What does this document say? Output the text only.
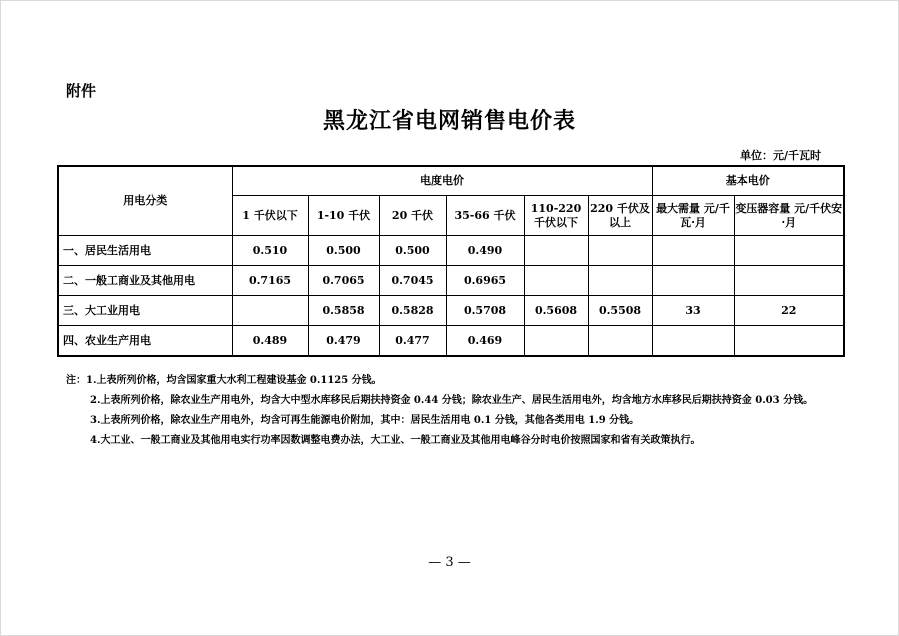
附件
黑龙江省电网销售电价表
单位：元/千瓦时
用电分类	电度电价						基本电价	
	1 千伏以下	1-10 千伏	20 千伏	35-66 千伏	110-220 千伏以下	220 千伏及以上	最大需量 元/千瓦·月	变压器容量 元/千伏安·月
一、居民生活用电	0.510	0.500	0.500	0.490				
二、一般工商业及其他用电	0.7165	0.7065	0.7045	0.6965				
三、大工业用电		0.5858	0.5828	0.5708	0.5608	0.5508	33	22
四、农业生产用电	0.489	0.479	0.477	0.469				

注：1.上表所列价格，均含国家重大水利工程建设基金 0.1125 分钱。

2.上表所列价格，除农业生产用电外，均含大中型水库移民后期扶持资金 0.44 分钱；除农业生产、居民生活用电外，均含地方水库移民后期扶持资金 0.03 分钱。

3.上表所列价格，除农业生产用电外，均含可再生能源电价附加，其中：居民生活用电 0.1 分钱，其他各类用电 1.9 分钱。

4.大工业、一般工商业及其他用电实行功率因数调整电费办法，大工业、一般工商业及其他用电峰谷分时电价按照国家和省有关政策执行。

— 3 —
